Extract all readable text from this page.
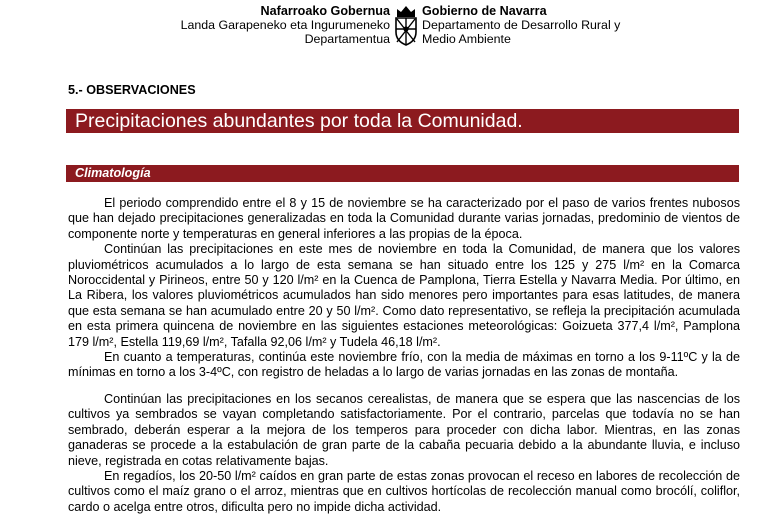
Nafarroako Gobernua
Landa Garapeneko eta Ingurumeneko
Departamentua
Gobierno de Navarra
Departamento de Desarrollo Rural y
Medio Ambiente
5.- OBSERVACIONES
Precipitaciones abundantes por toda la Comunidad.
Climatología

El periodo comprendido entre el 8 y 15 de noviembre se ha caracterizado por el paso de varios frentes nubosos que han dejado precipitaciones generalizadas en toda la Comunidad durante varias jornadas, predominio de vientos de componente norte y temperaturas en general inferiores a las propias de la época.

Continúan las precipitaciones en este mes de noviembre en toda la Comunidad, de manera que los valores pluviométricos acumulados a lo largo de esta semana se han situado entre los 125 y 275 l/m² en la Comarca Noroccidental y Pirineos, entre 50 y 120 l/m² en la Cuenca de Pamplona, Tierra Estella y Navarra Media. Por último, en La Ribera, los valores pluviométricos acumulados han sido menores pero importantes para esas latitudes, de manera que esta semana se han acumulado entre 20 y 50 l/m². Como dato representativo, se refleja la precipitación acumulada en esta primera quincena de noviembre en las siguientes estaciones meteorológicas: Goizueta 377,4 l/m², Pamplona 179 l/m², Estella 119,69 l/m², Tafalla 92,06 l/m² y Tudela 46,18 l/m².

En cuanto a temperaturas, continúa este noviembre frío, con la media de máximas en torno a los 9-11ºC y la de mínimas en torno a los 3-4ºC, con registro de heladas a lo largo de varias jornadas en las zonas de montaña.

Continúan las precipitaciones en los secanos cerealistas, de manera que se espera que las nascencias de los cultivos ya sembrados se vayan completando satisfactoriamente. Por el contrario, parcelas que todavía no se han sembrado, deberán esperar a la mejora de los temperos para proceder con dicha labor. Mientras, en las zonas ganaderas se procede a la estabulación de gran parte de la cabaña pecuaria debido a la abundante lluvia, e incluso nieve, registrada en cotas relativamente bajas.

En regadíos, los 20-50 l/m² caídos en gran parte de estas zonas provocan el receso en labores de recolección de cultivos como el maíz grano o el arroz, mientras que en cultivos hortícolas de recolección manual como brocólí, coliflor, cardo o acelga entre otros, dificulta pero no impide dicha actividad.
